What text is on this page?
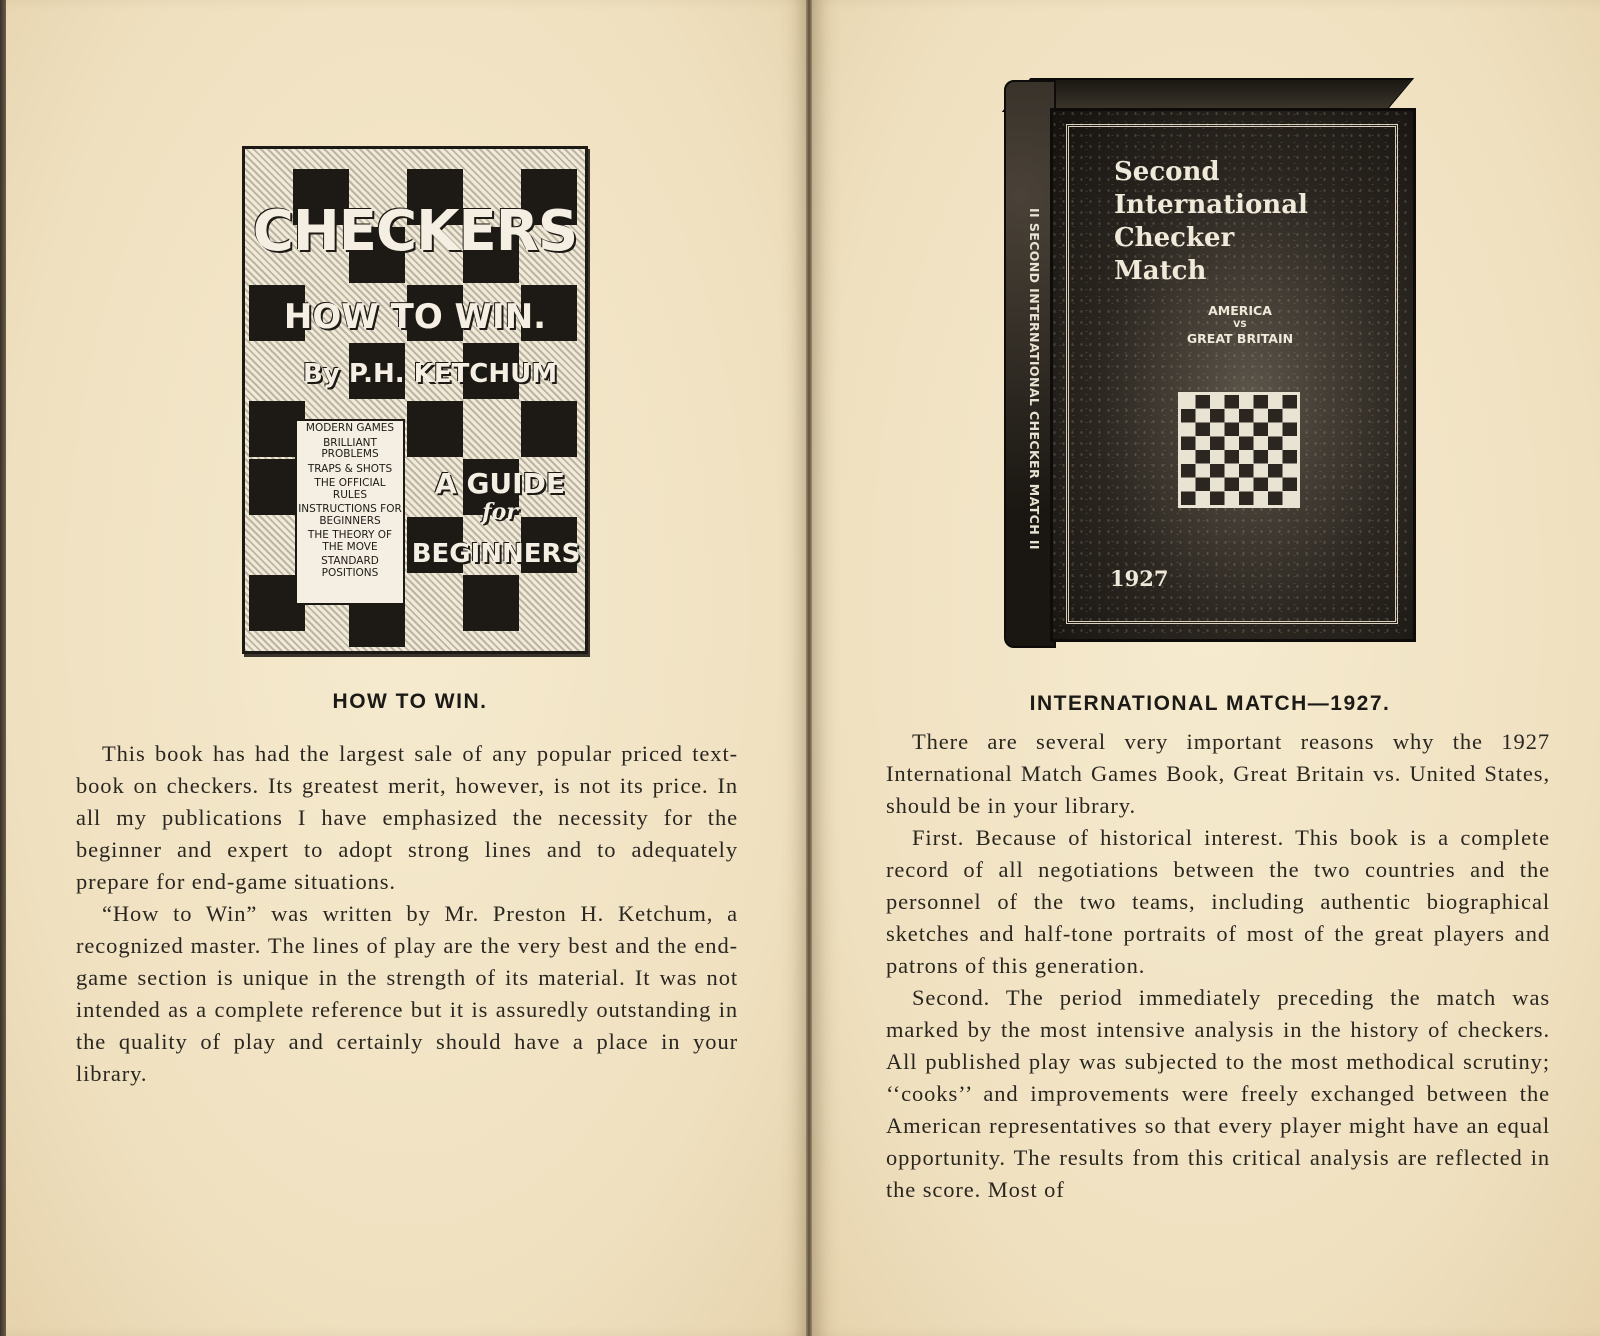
CHECKERS
HOW TO WIN.
By P.H. KETCHUM
MODERN GAMES
BRILLIANT PROBLEMS
TRAPS & SHOTS
THE OFFICIAL RULES
INSTRUCTIONS FOR BEGINNERS
THE THEORY OF THE MOVE
STANDARD POSITIONS
A GUIDE
for
BEGINNERS
HOW TO WIN.

This book has had the largest sale of any popular priced text-book on checkers. Its greatest merit, however, is not its price. In all my publications I have emphasized the necessity for the beginner and expert to adopt strong lines and to adequately prepare for end-game situations.

“How to Win” was written by Mr. Preston H. Ketchum, a recognized master. The lines of play are the very best and the end-game section is unique in the strength of its material. It was not intended as a complete reference but it is assuredly outstanding in the quality of play and certainly should have a place in your library.

II SECOND INTERNATIONAL CHECKER MATCH II
Second
International
Checker
Match
AMERICA
VS
GREAT BRITAIN
1927
INTERNATIONAL MATCH—1927.

There are several very important reasons why the 1927 International Match Games Book, Great Britain vs. United States, should be in your library.

First. Because of historical interest. This book is a complete record of all negotiations between the two countries and the personnel of the two teams, including authentic biographical sketches and half-tone portraits of most of the great players and patrons of this generation.

Second. The period immediately preceding the match was marked by the most intensive analysis in the history of checkers. All published play was subjected to the most methodical scrutiny; ‘‘cooks’’ and improvements were freely exchanged between the American representatives so that every player might have an equal opportunity. The results from this critical analysis are reflected in the score. Most of
